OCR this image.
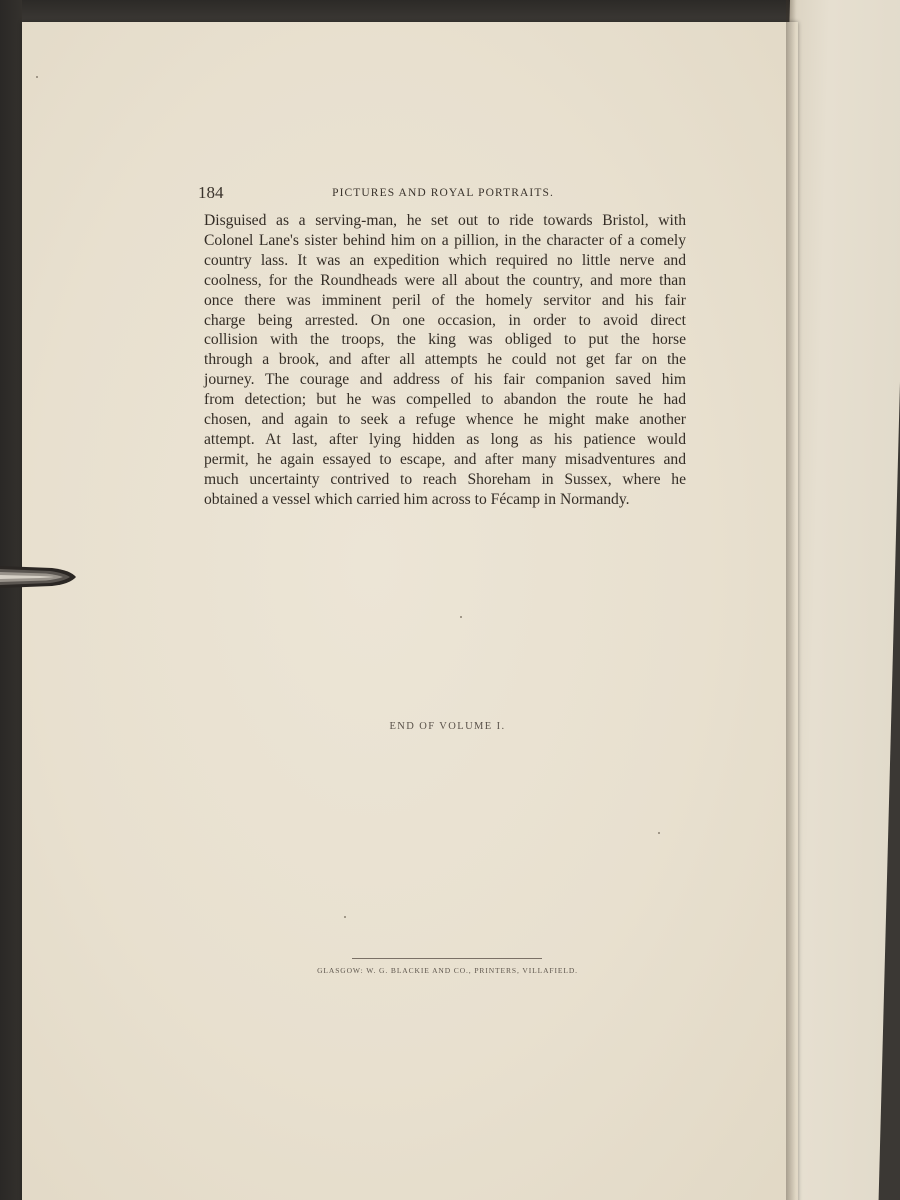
184	PICTURES AND ROYAL PORTRAITS.
Disguised as a serving-man, he set out to ride towards Bristol, with
Colonel Lane's sister behind him on a pillion, in the character of a comely
country lass. It was an expedition which required no little nerve and
coolness, for the Roundheads were all about the country, and more than
once there was imminent peril of the homely servitor and his fair
charge being arrested. On one occasion, in order to avoid direct
collision with the troops, the king was obliged to put the horse
through a brook, and after all attempts he could not get far on the
journey. The courage and address of his fair companion saved him
from detection; but he was compelled to abandon the route he had
chosen, and again to seek a refuge whence he might make another
attempt. At last, after lying hidden as long as his patience would
permit, he again essayed to escape, and after many misadventures and
much uncertainty contrived to reach Shoreham in Sussex, where he
obtained a vessel which carried him across to Fécamp in Normandy.
END OF VOLUME I.
GLASGOW: W. G. BLACKIE AND CO., PRINTERS, VILLAFIELD.
